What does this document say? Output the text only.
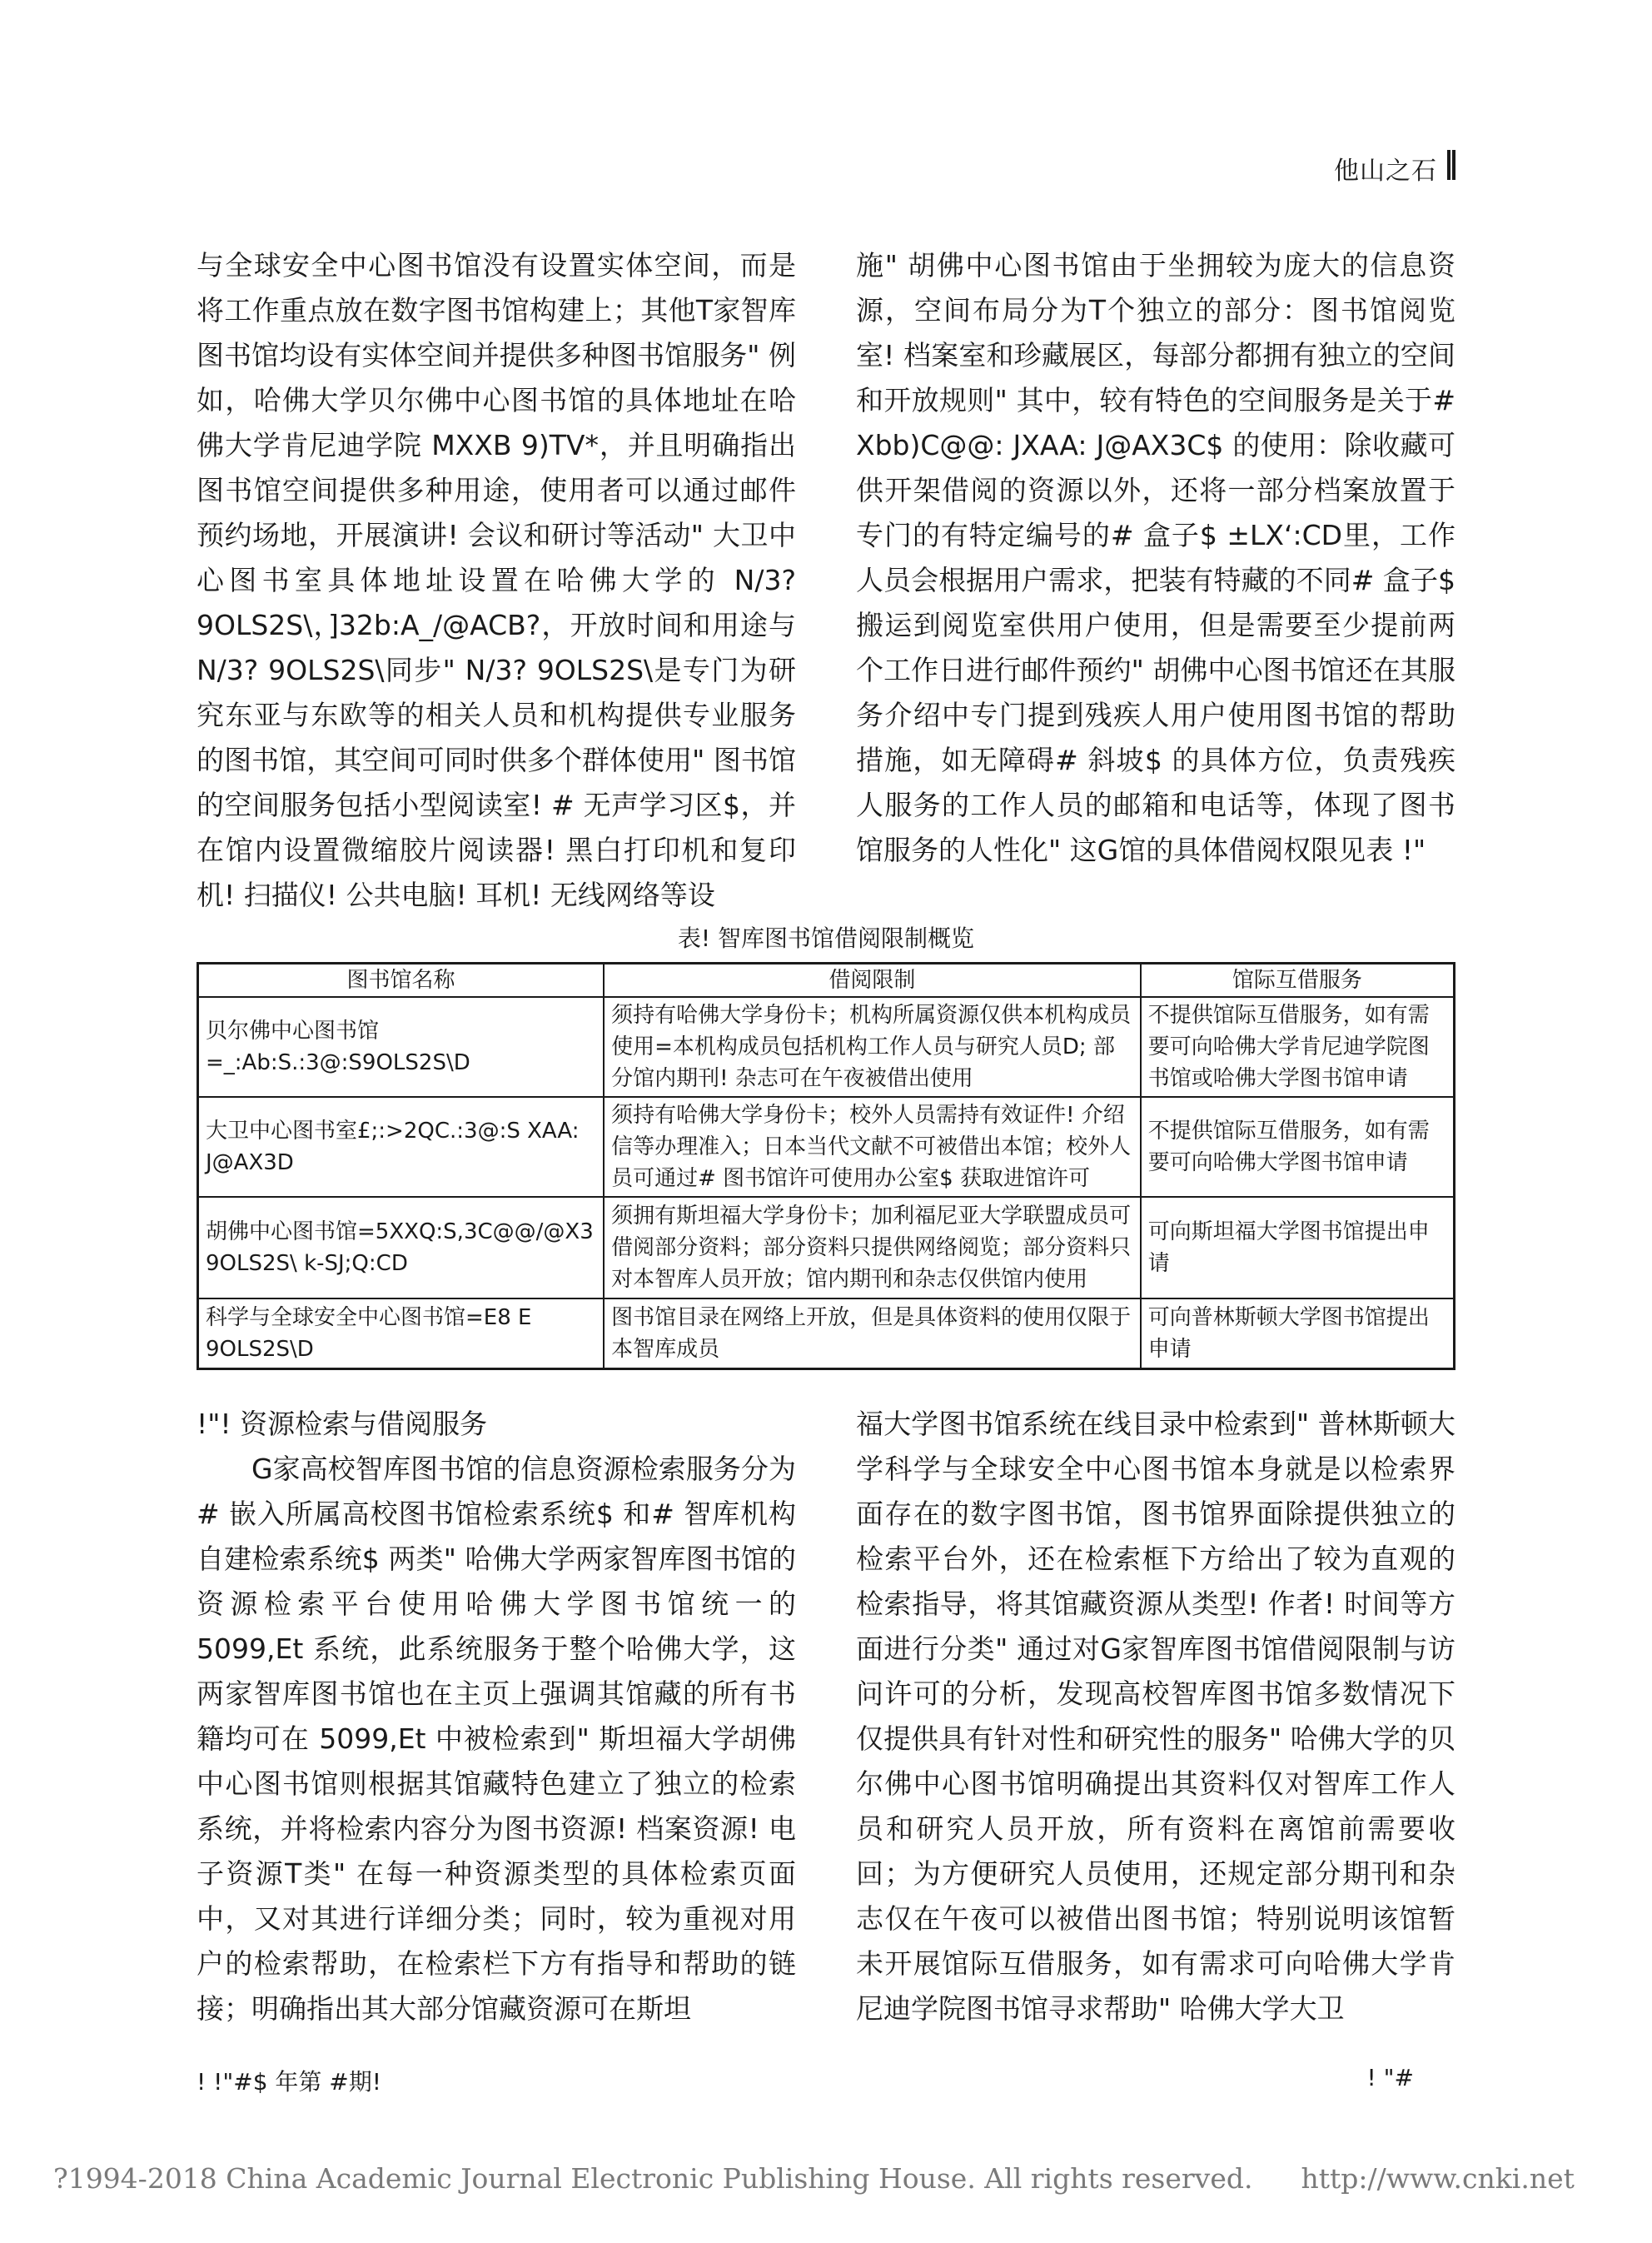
他山之石

与全球安全中心图书馆没有设置实体空间，而是将工作重点放在数字图书馆构建上；其他T家智库图书馆均设有实体空间并提供多种图书馆服务" 例如，哈佛大学贝尔佛中心图书馆的具体地址在哈佛大学肯尼迪学院 MXXB 9)TV*，并且明确指出图书馆空间提供多种用途，使用者可以通过邮件预约场地，开展演讲! 会议和研讨等活动" 大卫中心图书室具体地址设置在哈佛大学的 N/3? 9OLS2S\，]32b:A_/@ACB?，开放时间和用途与 N/3? 9OLS2S\同步" N/3? 9OLS2S\是专门为研究东亚与东欧等的相关人员和机构提供专业服务的图书馆，其空间可同时供多个群体使用" 图书馆的空间服务包括小型阅读室! # 无声学习区$，并在馆内设置微缩胶片阅读器! 黑白打印机和复印机! 扫描仪! 公共电脑! 耳机! 无线网络等设

施" 胡佛中心图书馆由于坐拥较为庞大的信息资源，空间布局分为T个独立的部分：图书馆阅览室! 档案室和珍藏展区，每部分都拥有独立的空间和开放规则" 其中，较有特色的空间服务是关于# Xbb)C@@: JXAA: J@AX3C$ 的使用：除收藏可供开架借阅的资源以外，还将一部分档案放置于专门的有特定编号的# 盒子$ ±LX‘:CD里，工作人员会根据用户需求，把装有特藏的不同# 盒子$ 搬运到阅览室供用户使用，但是需要至少提前两个工作日进行邮件预约" 胡佛中心图书馆还在其服务介绍中专门提到残疾人用户使用图书馆的帮助措施，如无障碍# 斜坡$ 的具体方位，负责残疾人服务的工作人员的邮箱和电话等，体现了图书馆服务的人性化" 这G馆的具体借阅权限见表 !"

表! 智库图书馆借阅限制概览
图书馆名称	借阅限制	馆际互借服务
贝尔佛中心图书馆=_:Ab:S.:3@:S9OLS2S\D	须持有哈佛大学身份卡；机构所属资源仅供本机构成员使用=本机构成员包括机构工作人员与研究人员D; 部分馆内期刊! 杂志可在午夜被借出使用	不提供馆际互借服务，如有需要可向哈佛大学肯尼迪学院图书馆或哈佛大学图书馆申请
大卫中心图书室£;:>2QC.:3@:S XAA: J@AX3D	须持有哈佛大学身份卡；校外人员需持有效证件! 介绍信等办理准入；日本当代文献不可被借出本馆；校外人员可通过# 图书馆许可使用办公室$ 获取进馆许可	不提供馆际互借服务，如有需要可向哈佛大学图书馆申请
胡佛中心图书馆=5XXQ:S,3C@@/@X3 9OLS2S\ k-SJ;Q:CD	须拥有斯坦福大学身份卡；加利福尼亚大学联盟成员可借阅部分资料；部分资料只提供网络阅览；部分资料只对本智库人员开放；馆内期刊和杂志仅供馆内使用	可向斯坦福大学图书馆提出申请
科学与全球安全中心图书馆=E8 E 9OLS2S\D	图书馆目录在网络上开放，但是具体资料的使用仅限于本智库成员	可向普林斯顿大学图书馆提出申请
!"! 资源检索与借阅服务

G家高校智库图书馆的信息资源检索服务分为# 嵌入所属高校图书馆检索系统$ 和# 智库机构自建检索系统$ 两类" 哈佛大学两家智库图书馆的资源检索平台使用哈佛大学图书馆统一的 5099,Et 系统，此系统服务于整个哈佛大学，这两家智库图书馆也在主页上强调其馆藏的所有书籍均可在 5099,Et 中被检索到" 斯坦福大学胡佛中心图书馆则根据其馆藏特色建立了独立的检索系统，并将检索内容分为图书资源! 档案资源! 电子资源T类" 在每一种资源类型的具体检索页面中，又对其进行详细分类；同时，较为重视对用户的检索帮助，在检索栏下方有指导和帮助的链接；明确指出其大部分馆藏资源可在斯坦

福大学图书馆系统在线目录中检索到" 普林斯顿大学科学与全球安全中心图书馆本身就是以检索界面存在的数字图书馆，图书馆界面除提供独立的检索平台外，还在检索框下方给出了较为直观的检索指导，将其馆藏资源从类型! 作者! 时间等方面进行分类" 通过对G家智库图书馆借阅限制与访问许可的分析，发现高校智库图书馆多数情况下仅提供具有针对性和研究性的服务" 哈佛大学的贝尔佛中心图书馆明确提出其资料仅对智库工作人员和研究人员开放，所有资料在离馆前需要收回；为方便研究人员使用，还规定部分期刊和杂志仅在午夜可以被借出图书馆；特别说明该馆暂未开展馆际互借服务，如有需求可向哈佛大学肯尼迪学院图书馆寻求帮助" 哈佛大学大卫

! !"#$ 年第 #期!	! "#
?1994-2018 China Academic Journal Electronic Publishing House. All rights reserved. http://www.cnki.net
